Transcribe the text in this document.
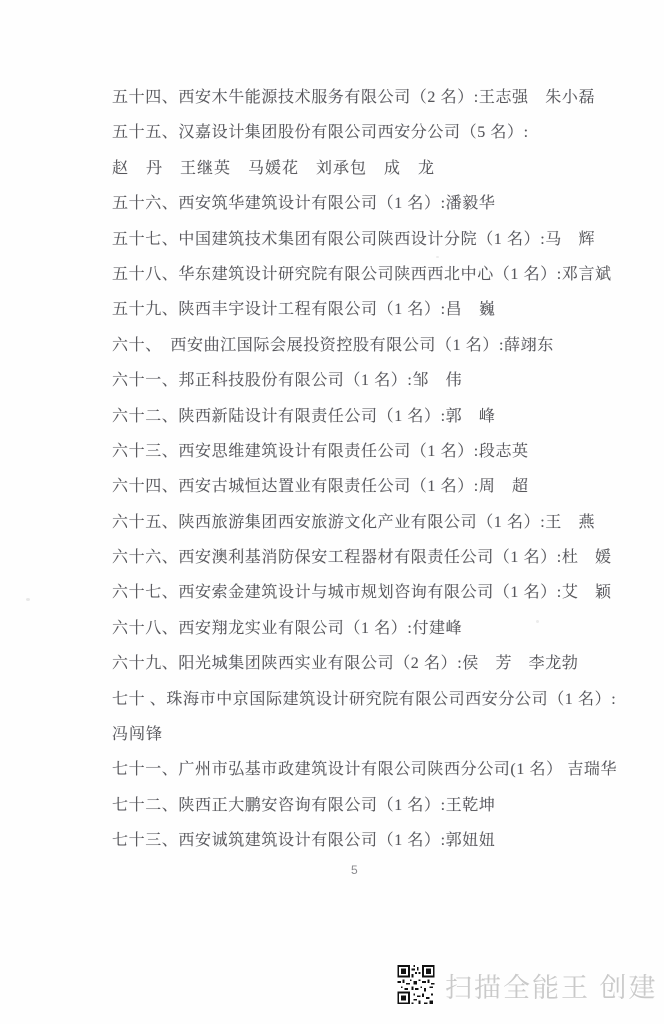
五十四、西安木牛能源技术服务有限公司（2 名）:王志强　朱小磊

五十五、汉嘉设计集团股份有限公司西安分公司（5 名）:

赵　丹　王继英　马媛花　刘承包　成　龙

五十六、西安筑华建筑设计有限公司（1 名）:潘毅华

五十七、中国建筑技术集团有限公司陕西设计分院（1 名）:马　辉

五十八、华东建筑设计研究院有限公司陕西西北中心（1 名）:邓言斌

五十九、陕西丰宇设计工程有限公司（1 名）:昌　巍

六十、　西安曲江国际会展投资控股有限公司（1 名）:薛翊东

六十一、邦正科技股份有限公司（1 名）:邹　伟

六十二、陕西新陆设计有限责任公司（1 名）:郭　峰

六十三、西安思维建筑设计有限责任公司（1 名）:段志英

六十四、西安古城恒达置业有限责任公司（1 名）:周　超

六十五、陕西旅游集团西安旅游文化产业有限公司（1 名）:王　燕

六十六、西安澳利基消防保安工程器材有限责任公司（1 名）:杜　媛

六十七、西安索金建筑设计与城市规划咨询有限公司（1 名）:艾　颖

六十八、西安翔龙实业有限公司（1 名）:付建峰

六十九、阳光城集团陕西实业有限公司（2 名）:侯　芳　李龙勃

七十 、珠海市中京国际建筑设计研究院有限公司西安分公司（1 名）:

冯闯锋

七十一、广州市弘基市政建筑设计有限公司陕西分公司(1 名） 吉瑞华

七十二、陕西正大鹏安咨询有限公司（1 名）:王乾坤

七十三、西安诚筑建筑设计有限公司（1 名）:郭妞妞

5
扫描全能王 创建
